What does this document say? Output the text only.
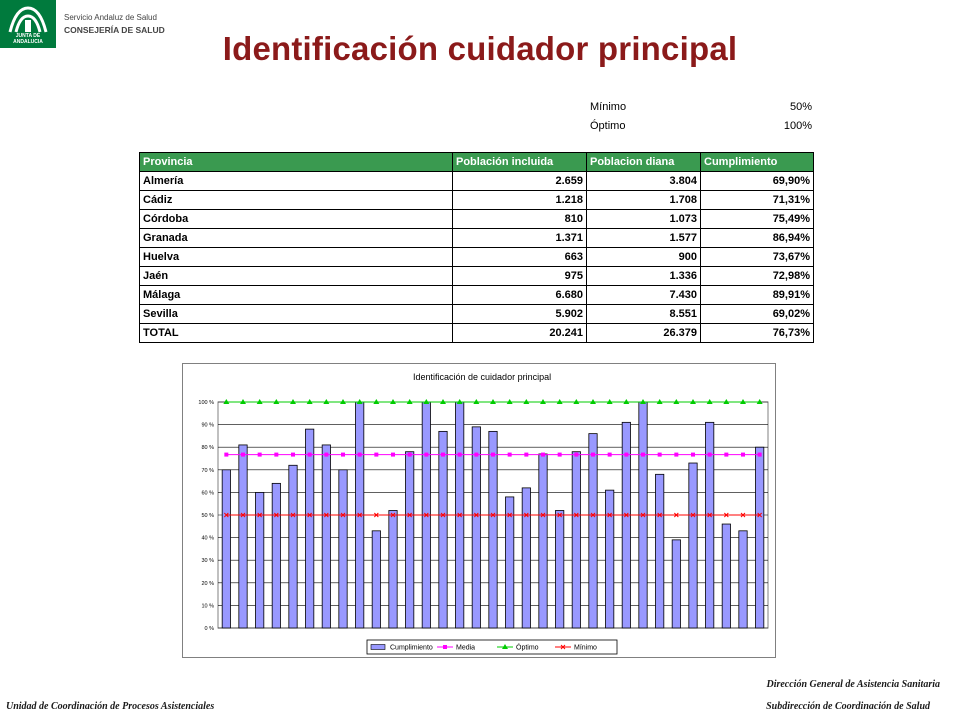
JUNTA DE ANDALUCIA
Servicio Andaluz de Salud
CONSEJERÍA DE SALUD	Identificación cuidador principal
Mínimo	50%
Óptimo	100%
Provincia	Población incluida	Poblacion diana	Cumplimiento
Almería	2.659	3.804	69,90%
Cádiz	1.218	1.708	71,31%
Córdoba	810	1.073	75,49%
Granada	1.371	1.577	86,94%
Huelva	663	900	73,67%
Jaén	975	1.336	72,98%
Málaga	6.680	7.430	89,91%
Sevilla	5.902	8.551	69,02%
TOTAL	20.241	26.379	76,73%
Identificación de cuidador principal
0 %
10 %
20 %
30 %
40 %
50 %
60 %
70 %
80 %
90 %
100 %
Cumplimiento	Media	Óptimo	Mínimo
Unidad de Coordinación de Procesos Asistenciales
Dirección General de Asistencia Sanitaria
Subdirección de Coordinación de Salud
